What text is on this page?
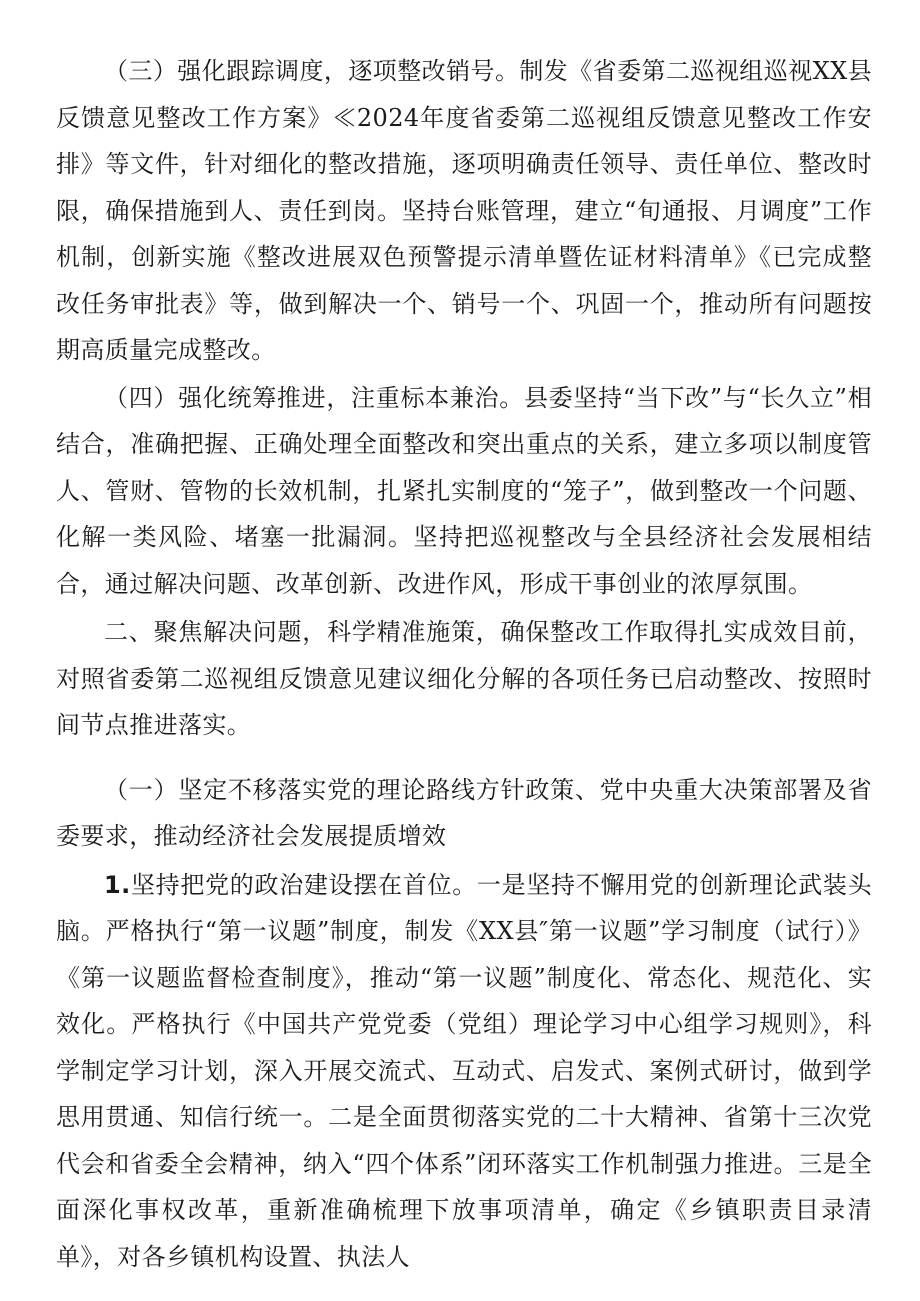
（三）强化跟踪调度，逐项整改销号。制发《省委第二巡视组巡视XX县反馈意见整改工作方案》≪2024年度省委第二巡视组反馈意见整改工作安排》等文件，针对细化的整改措施，逐项明确责任领导、责任单位、整改时限，确保措施到人、责任到岗。坚持台账管理，建立“旬通报、月调度”工作机制，创新实施《整改进展双色预警提示清单暨佐证材料清单》《已完成整改任务审批表》等，做到解决一个、销号一个、巩固一个，推动所有问题按期高质量完成整改。

（四）强化统筹推进，注重标本兼治。县委坚持“当下改”与“长久立”相结合，准确把握、正确处理全面整改和突出重点的关系，建立多项以制度管人、管财、管物的长效机制，扎紧扎实制度的“笼子”，做到整改一个问题、化解一类风险、堵塞一批漏洞。坚持把巡视整改与全县经济社会发展相结合，通过解决问题、改革创新、改进作风，形成干事创业的浓厚氛围。

二、聚焦解决问题，科学精准施策，确保整改工作取得扎实成效目前，对照省委第二巡视组反馈意见建议细化分解的各项任务已启动整改、按照时间节点推进落实。

（一）坚定不移落实党的理论路线方针政策、党中央重大决策部署及省委要求，推动经济社会发展提质增效

1.坚持把党的政治建设摆在首位。一是坚持不懈用党的创新理论武装头脑。严格执行“第一议题”制度，制发《XX县″第一议题”学习制度（试行）》《第一议题监督检查制度》，推动“第一议题”制度化、常态化、规范化、实效化。严格执行《中国共产党党委（党组）理论学习中心组学习规则》，科学制定学习计划，深入开展交流式、互动式、启发式、案例式研讨，做到学思用贯通、知信行统一。二是全面贯彻落实党的二十大精神、省第十三次党代会和省委全会精神，纳入“四个体系”闭环落实工作机制强力推进。三是全面深化事权改革，重新准确梳理下放事项清单，确定《乡镇职责目录清单》，对各乡镇机构设置、执法人
